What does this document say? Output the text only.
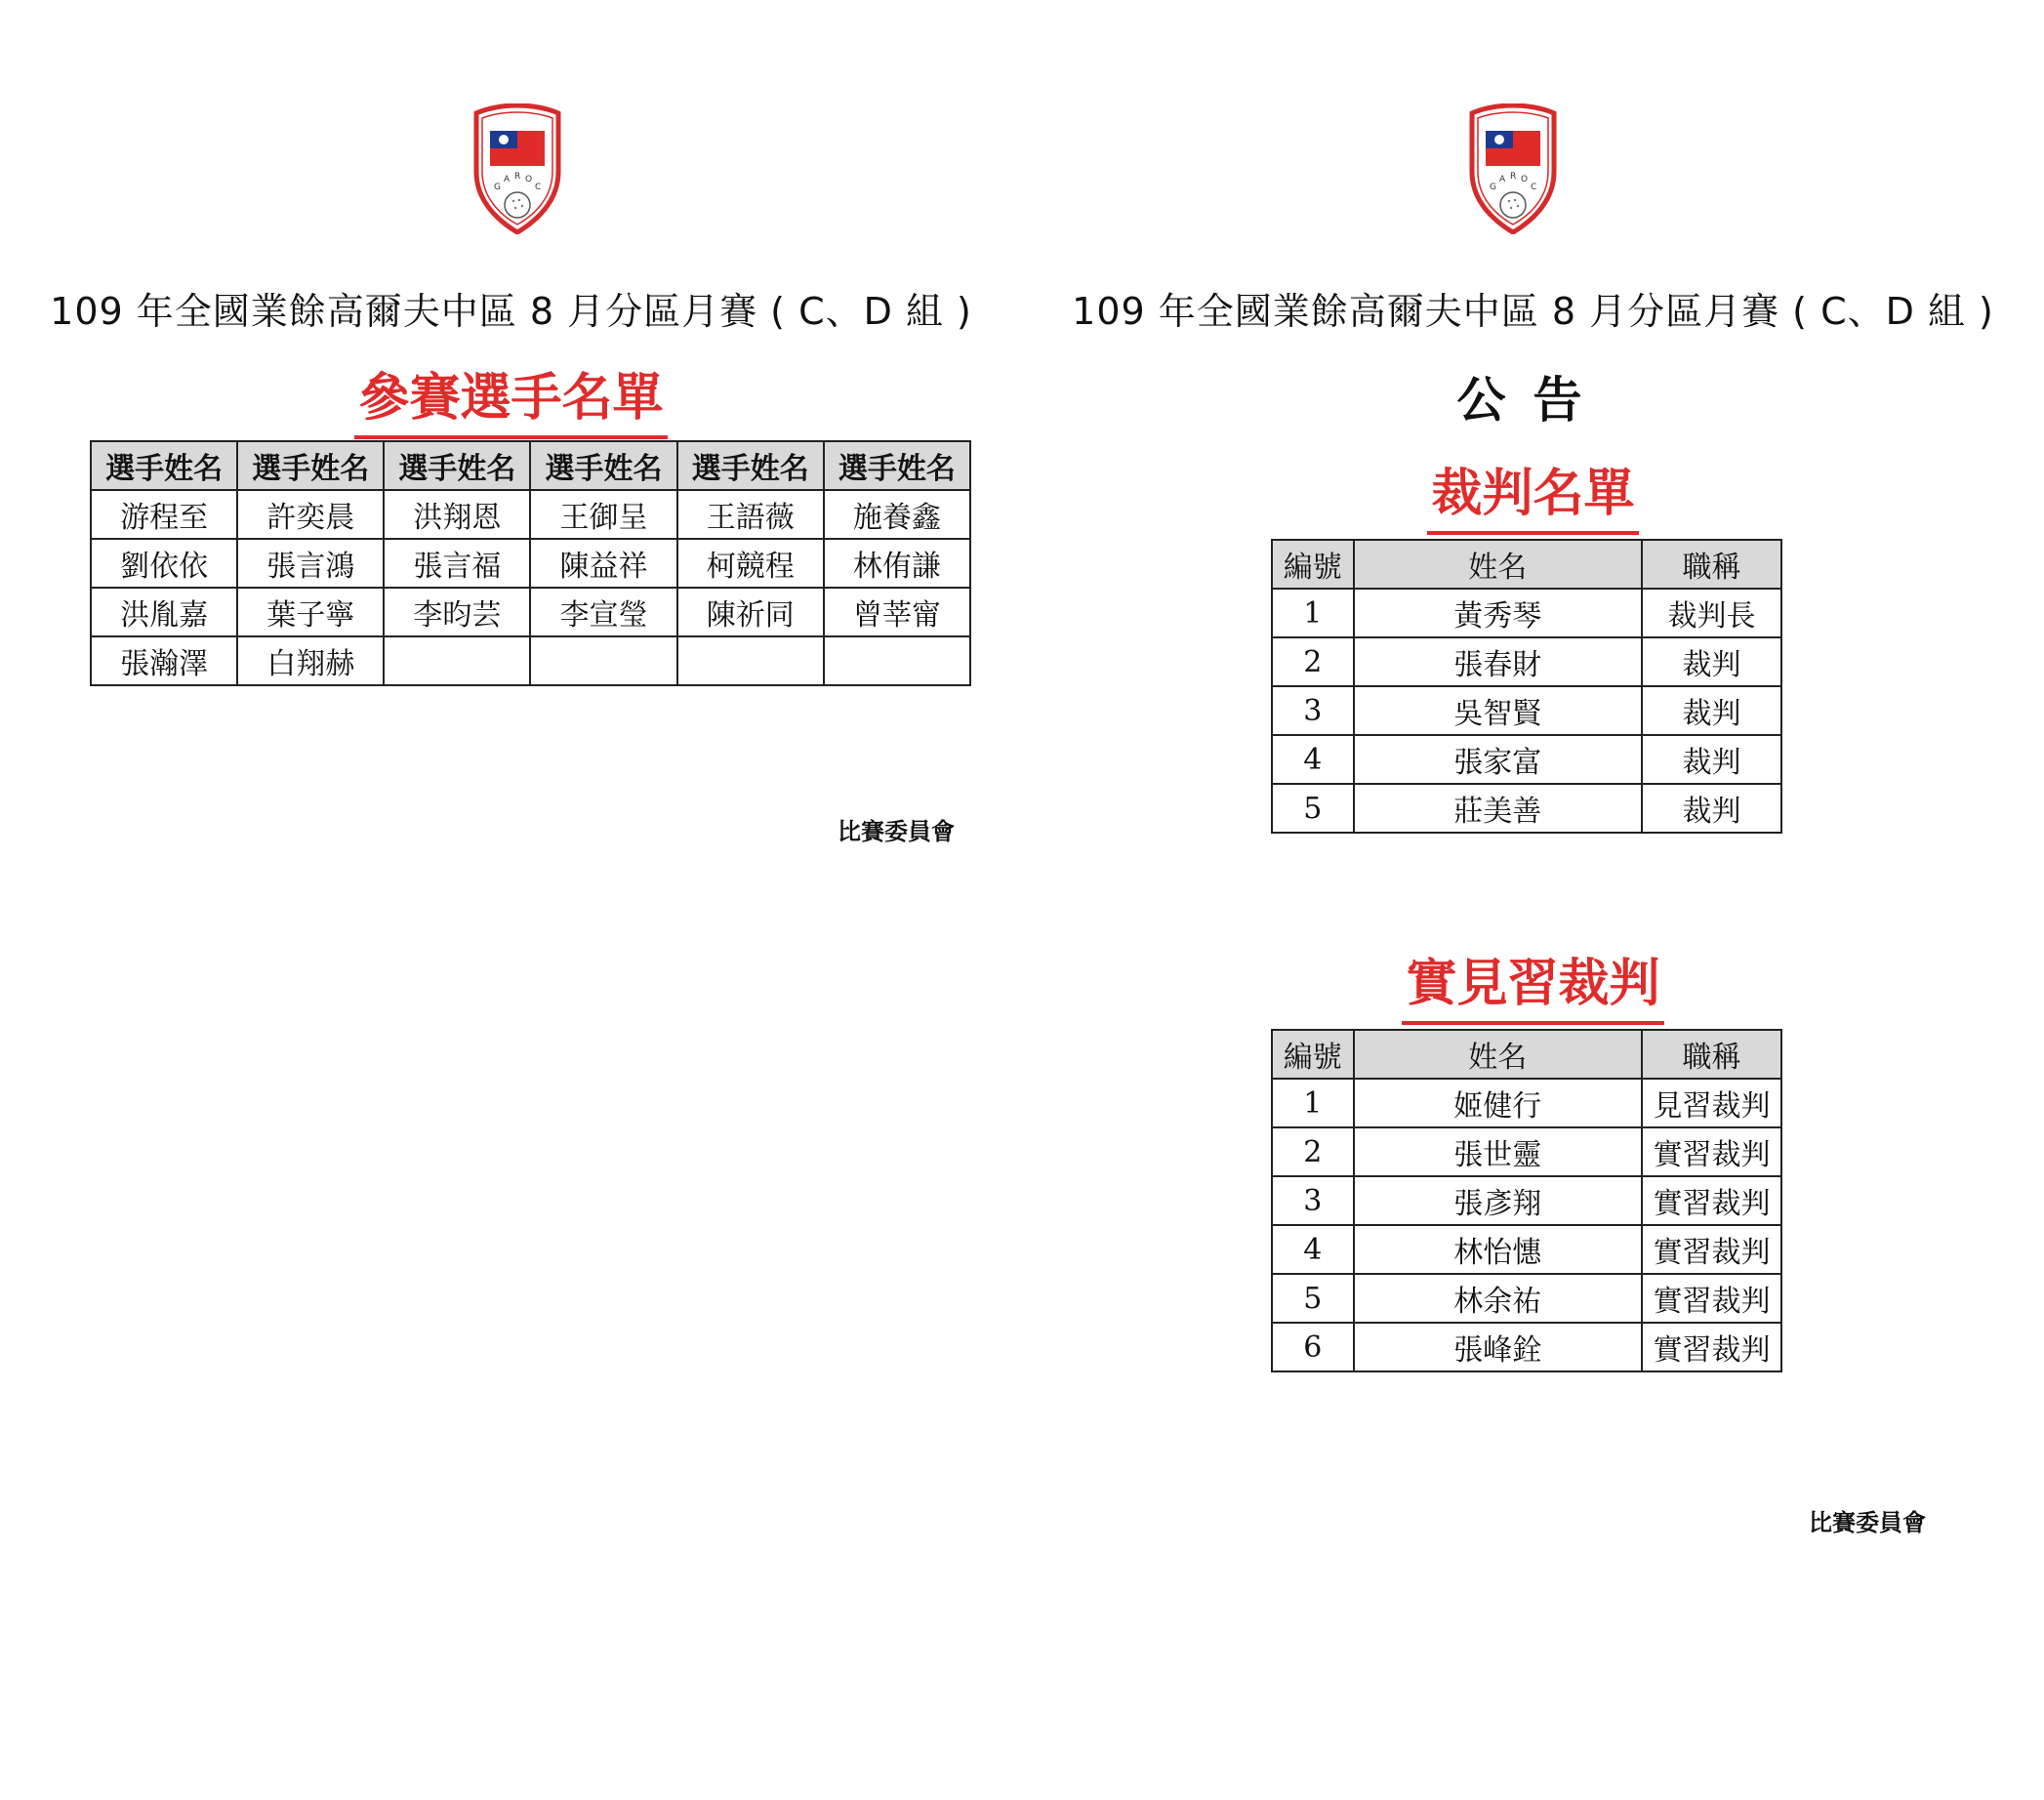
G
A R O
C
109 年全國業餘高爾夫中區 8 月分區月賽 ( C、D 組 )
參賽選手名單
選手姓名	選手姓名	選手姓名	選手姓名	選手姓名	選手姓名
游程至	許奕晨	洪翔恩	王御呈	王語薇	施養鑫
劉依依	張言鴻	張言福	陳益祥	柯競程	林侑謙
洪胤嘉	葉子寧	李昀芸	李宣瑩	陳祈同	曾莘甯
張瀚澤	白翔赫				
比賽委員會
G
A R O
C
109 年全國業餘高爾夫中區 8 月分區月賽 ( C、D 組 )
公告
裁判名單
編號	姓名	職稱
1	黃秀琴	裁判長
2	張春財	裁判
3	吳智賢	裁判
4	張家富	裁判
5	莊美善	裁判
實見習裁判
編號	姓名	職稱
1	姬健行	見習裁判
2	張世靈	實習裁判
3	張彥翔	實習裁判
4	林怡憓	實習裁判
5	林余祐	實習裁判
6	張峰銓	實習裁判
比賽委員會
